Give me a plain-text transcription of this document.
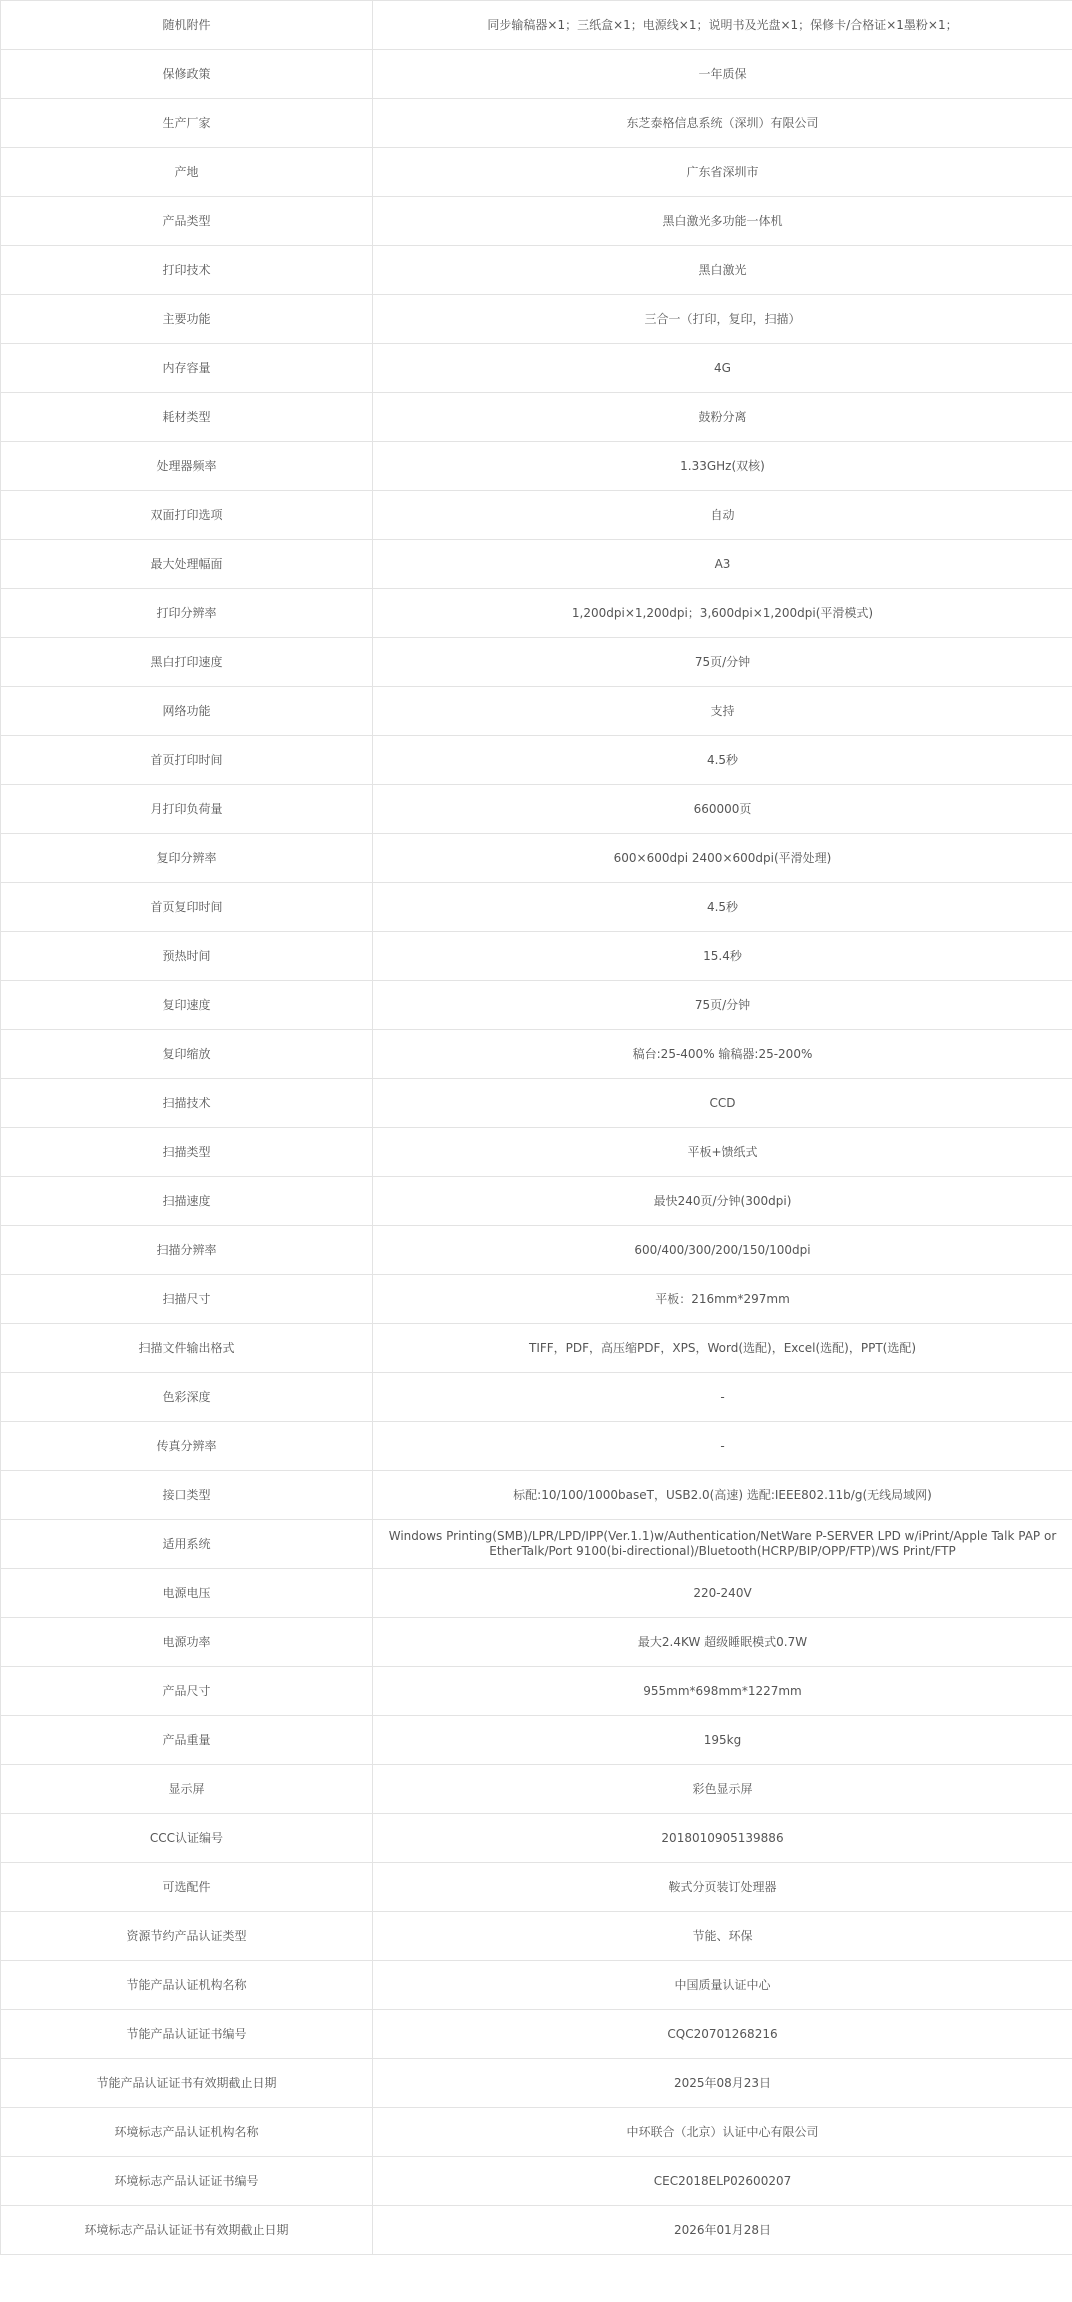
随机附件	同步输稿器×1；三纸盒×1；电源线×1；说明书及光盘×1；保修卡/合格证×1墨粉×1；
保修政策	一年质保
生产厂家	东芝泰格信息系统（深圳）有限公司
产地	广东省深圳市
产品类型	黑白激光多功能一体机
打印技术	黑白激光
主要功能	三合一（打印，复印，扫描）
内存容量	4G
耗材类型	鼓粉分离
处理器频率	1.33GHz(双核)
双面打印选项	自动
最大处理幅面	A3
打印分辨率	1,200dpi×1,200dpi；3,600dpi×1,200dpi(平滑模式)
黑白打印速度	75页/分钟
网络功能	支持
首页打印时间	4.5秒
月打印负荷量	660000页
复印分辨率	600×600dpi 2400×600dpi(平滑处理)
首页复印时间	4.5秒
预热时间	15.4秒
复印速度	75页/分钟
复印缩放	稿台:25-400% 输稿器:25-200%
扫描技术	CCD
扫描类型	平板+馈纸式
扫描速度	最快240页/分钟(300dpi)
扫描分辨率	600/400/300/200/150/100dpi
扫描尺寸	平板：216mm*297mm
扫描文件输出格式	TIFF，PDF，高压缩PDF，XPS，Word(选配)，Excel(选配)，PPT(选配)
色彩深度	-
传真分辨率	-
接口类型	标配:10/100/1000baseT，USB2.0(高速) 选配:IEEE802.11b/g(无线局域网)
适用系统	Windows Printing(SMB)/LPR/LPD/IPP(Ver.1.1)w/Authentication/NetWare P-SERVER LPD w/iPrint/Apple Talk PAP or EtherTalk/Port 9100(bi-directional)/Bluetooth(HCRP/BIP/OPP/FTP)/WS Print/FTP
电源电压	220-240V
电源功率	最大2.4KW 超级睡眠模式0.7W
产品尺寸	955mm*698mm*1227mm
产品重量	195kg
显示屏	彩色显示屏
CCC认证编号	2018010905139886
可选配件	鞍式分页装订处理器
资源节约产品认证类型	节能、环保
节能产品认证机构名称	中国质量认证中心
节能产品认证证书编号	CQC20701268216
节能产品认证证书有效期截止日期	2025年08月23日
环境标志产品认证机构名称	中环联合（北京）认证中心有限公司
环境标志产品认证证书编号	CEC2018ELP02600207
环境标志产品认证证书有效期截止日期	2026年01月28日
